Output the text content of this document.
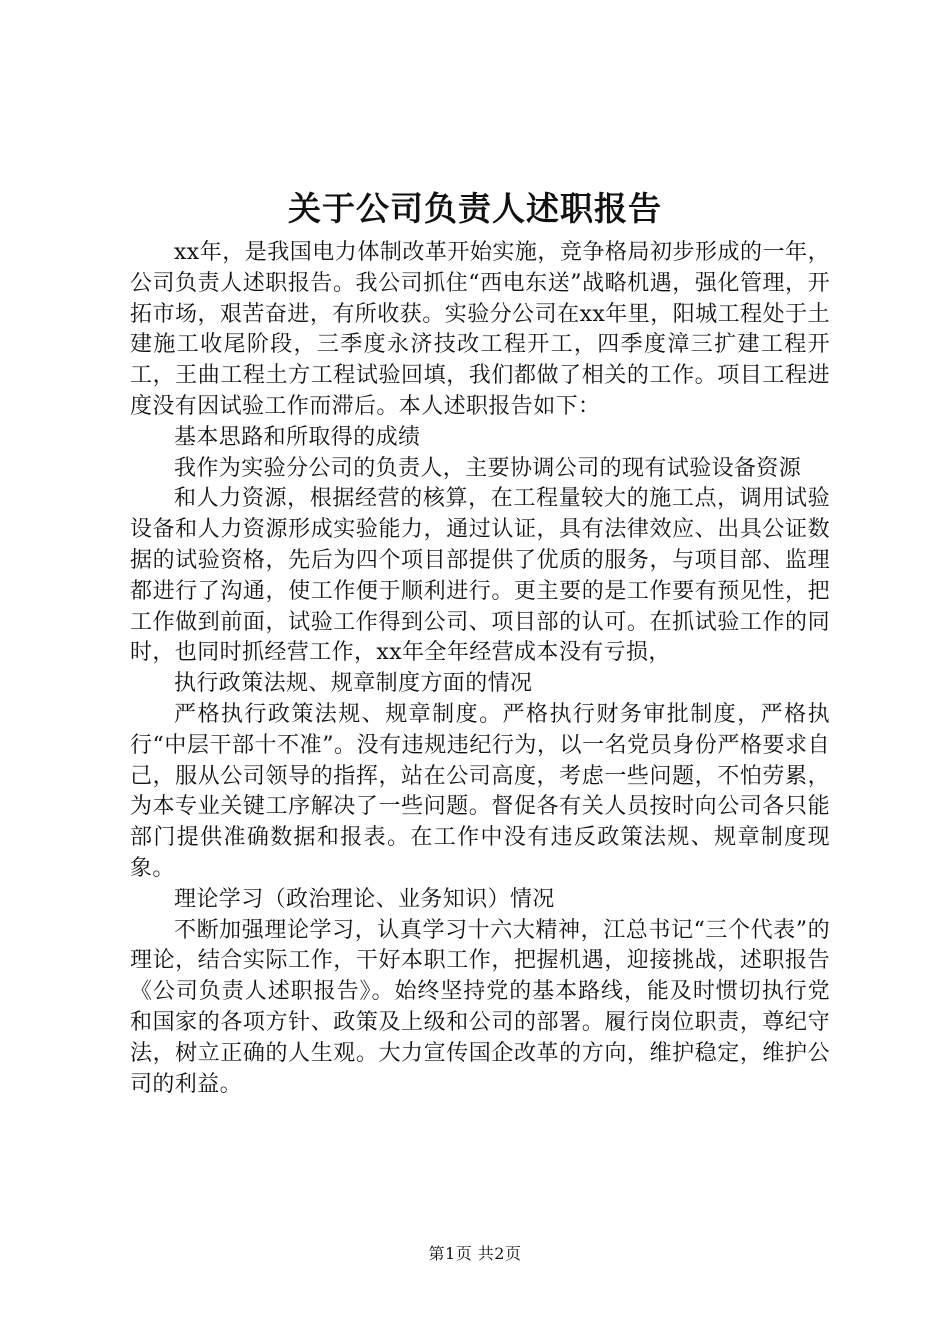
关于公司负责人述职报告

xx年，是我国电力体制改革开始实施，竞争格局初步形成的一年，公司负责人述职报告。我公司抓住“西电东送”战略机遇，强化管理，开拓市场，艰苦奋进，有所收获。实验分公司在xx年里，阳城工程处于土建施工收尾阶段，三季度永济技改工程开工，四季度漳三扩建工程开工，王曲工程土方工程试验回填，我们都做了相关的工作。项目工程进度没有因试验工作而滞后。本人述职报告如下：

基本思路和所取得的成绩

我作为实验分公司的负责人，主要协调公司的现有试验设备资源

和人力资源，根据经营的核算，在工程量较大的施工点，调用试验设备和人力资源形成实验能力，通过认证，具有法律效应、出具公证数据的试验资格，先后为四个项目部提供了优质的服务，与项目部、监理都进行了沟通，使工作便于顺利进行。更主要的是工作要有预见性，把工作做到前面，试验工作得到公司、项目部的认可。在抓试验工作的同时，也同时抓经营工作，xx年全年经营成本没有亏损，

执行政策法规、规章制度方面的情况

严格执行政策法规、规章制度。严格执行财务审批制度，严格执行“中层干部十不准”。没有违规违纪行为，以一名党员身份严格要求自己，服从公司领导的指挥，站在公司高度，考虑一些问题，不怕劳累，为本专业关键工序解决了一些问题。督促各有关人员按时向公司各只能部门提供准确数据和报表。在工作中没有违反政策法规、规章制度现象。

理论学习（政治理论、业务知识）情况

不断加强理论学习，认真学习十六大精神，江总书记“三个代表”的理论，结合实际工作，干好本职工作，把握机遇，迎接挑战，述职报告《公司负责人述职报告》。始终坚持党的基本路线，能及时惯切执行党和国家的各项方针、政策及上级和公司的部署。履行岗位职责，尊纪守法，树立正确的人生观。大力宣传国企改革的方向，维护稳定，维护公司的利益。

第1页 共2页
